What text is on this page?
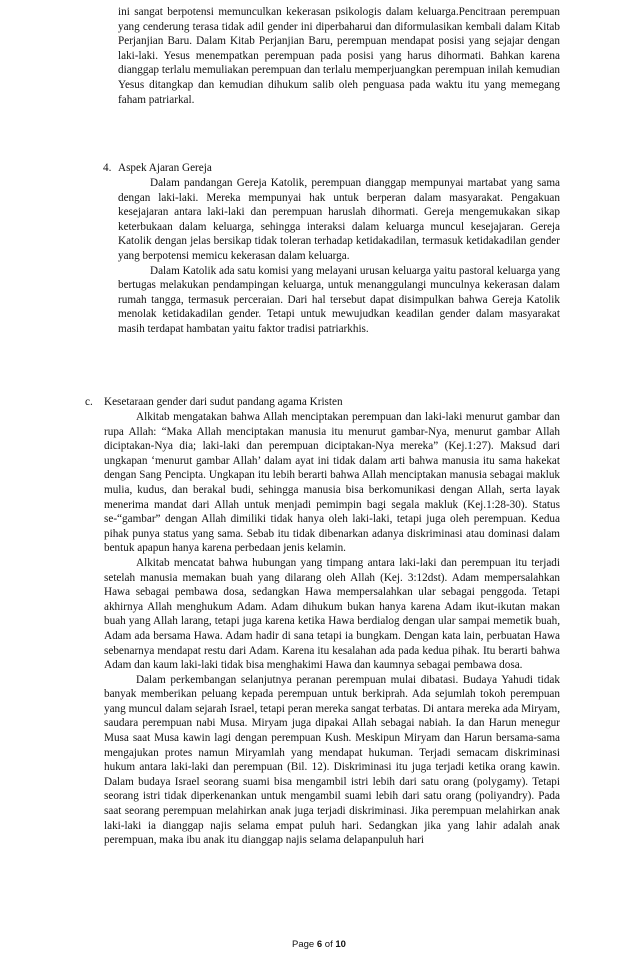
ini sangat berpotensi memunculkan kekerasan psikologis dalam keluarga.Pencitraan perempuan yang cenderung terasa tidak adil gender ini diperbaharui dan diformulasikan kembali dalam Kitab Perjanjian Baru. Dalam Kitab Perjanjian Baru, perempuan mendapat posisi yang sejajar dengan laki-laki. Yesus menempatkan perempuan pada posisi yang harus dihormati. Bahkan karena dianggap terlalu memuliakan perempuan dan terlalu memperjuangkan perempuan inilah kemudian Yesus ditangkap dan kemudian dihukum salib oleh penguasa pada waktu itu yang memegang faham patriarkal.

4. Aspek Ajaran Gereja

Dalam pandangan Gereja Katolik, perempuan dianggap mempunyai martabat yang sama dengan laki-laki. Mereka mempunyai hak untuk berperan dalam masyarakat. Pengakuan kesejajaran antara laki-laki dan perempuan haruslah dihormati. Gereja mengemukakan sikap keterbukaan dalam keluarga, sehingga interaksi dalam keluarga muncul kesejajaran. Gereja Katolik dengan jelas bersikap tidak toleran terhadap ketidakadilan, termasuk ketidakadilan gender yang berpotensi memicu kekerasan dalam keluarga.

Dalam Katolik ada satu komisi yang melayani urusan keluarga yaitu pastoral keluarga yang bertugas melakukan pendampingan keluarga, untuk menanggulangi munculnya kekerasan dalam rumah tangga, termasuk perceraian. Dari hal tersebut dapat disimpulkan bahwa Gereja Katolik menolak ketidakadilan gender. Tetapi untuk mewujudkan keadilan gender dalam masyarakat masih terdapat hambatan yaitu faktor tradisi patriarkhis.

c. Kesetaraan gender dari sudut pandang agama Kristen

Alkitab mengatakan bahwa Allah menciptakan perempuan dan laki-laki menurut gambar dan rupa Allah: “Maka Allah menciptakan manusia itu menurut gambar-Nya, menurut gambar Allah diciptakan-Nya dia; laki-laki dan perempuan diciptakan-Nya mereka” (Kej.1:27). Maksud dari ungkapan ‘menurut gambar Allah’ dalam ayat ini tidak dalam arti bahwa manusia itu sama hakekat dengan Sang Pencipta. Ungkapan itu lebih berarti bahwa Allah menciptakan manusia sebagai makluk mulia, kudus, dan berakal budi, sehingga manusia bisa berkomunikasi dengan Allah, serta layak menerima mandat dari Allah untuk menjadi pemimpin bagi segala makluk (Kej.1:28-30). Status se-“gambar” dengan Allah dimiliki tidak hanya oleh laki-laki, tetapi juga oleh perempuan. Kedua pihak punya status yang sama. Sebab itu tidak dibenarkan adanya diskriminasi atau dominasi dalam bentuk apapun hanya karena perbedaan jenis kelamin.

Alkitab mencatat bahwa hubungan yang timpang antara laki-laki dan perempuan itu terjadi setelah manusia memakan buah yang dilarang oleh Allah (Kej. 3:12dst). Adam mempersalahkan Hawa sebagai pembawa dosa, sedangkan Hawa mempersalahkan ular sebagai penggoda. Tetapi akhirnya Allah menghukum Adam. Adam dihukum bukan hanya karena Adam ikut-ikutan makan buah yang Allah larang, tetapi juga karena ketika Hawa berdialog dengan ular sampai memetik buah, Adam ada bersama Hawa. Adam hadir di sana tetapi ia bungkam. Dengan kata lain, perbuatan Hawa sebenarnya mendapat restu dari Adam. Karena itu kesalahan ada pada kedua pihak. Itu berarti bahwa Adam dan kaum laki-laki tidak bisa menghakimi Hawa dan kaumnya sebagai pembawa dosa.

Dalam perkembangan selanjutnya peranan perempuan mulai dibatasi. Budaya Yahudi tidak banyak memberikan peluang kepada perempuan untuk berkiprah. Ada sejumlah tokoh perempuan yang muncul dalam sejarah Israel, tetapi peran mereka sangat terbatas. Di antara mereka ada Miryam, saudara perempuan nabi Musa. Miryam juga dipakai Allah sebagai nabiah. Ia dan Harun menegur Musa saat Musa kawin lagi dengan perempuan Kush. Meskipun Miryam dan Harun bersama-sama mengajukan protes namun Miryamlah yang mendapat hukuman. Terjadi semacam diskriminasi hukum antara laki-laki dan perempuan (Bil. 12). Diskriminasi itu juga terjadi ketika orang kawin. Dalam budaya Israel seorang suami bisa mengambil istri lebih dari satu orang (polygamy). Tetapi seorang istri tidak diperkenankan untuk mengambil suami lebih dari satu orang (poliyandry). Pada saat seorang perempuan melahirkan anak juga terjadi diskriminasi. Jika perempuan melahirkan anak laki-laki ia dianggap najis selama empat puluh hari. Sedangkan jika yang lahir adalah anak perempuan, maka ibu anak itu dianggap najis selama delapanpuluh hari

Page 6 of 10
